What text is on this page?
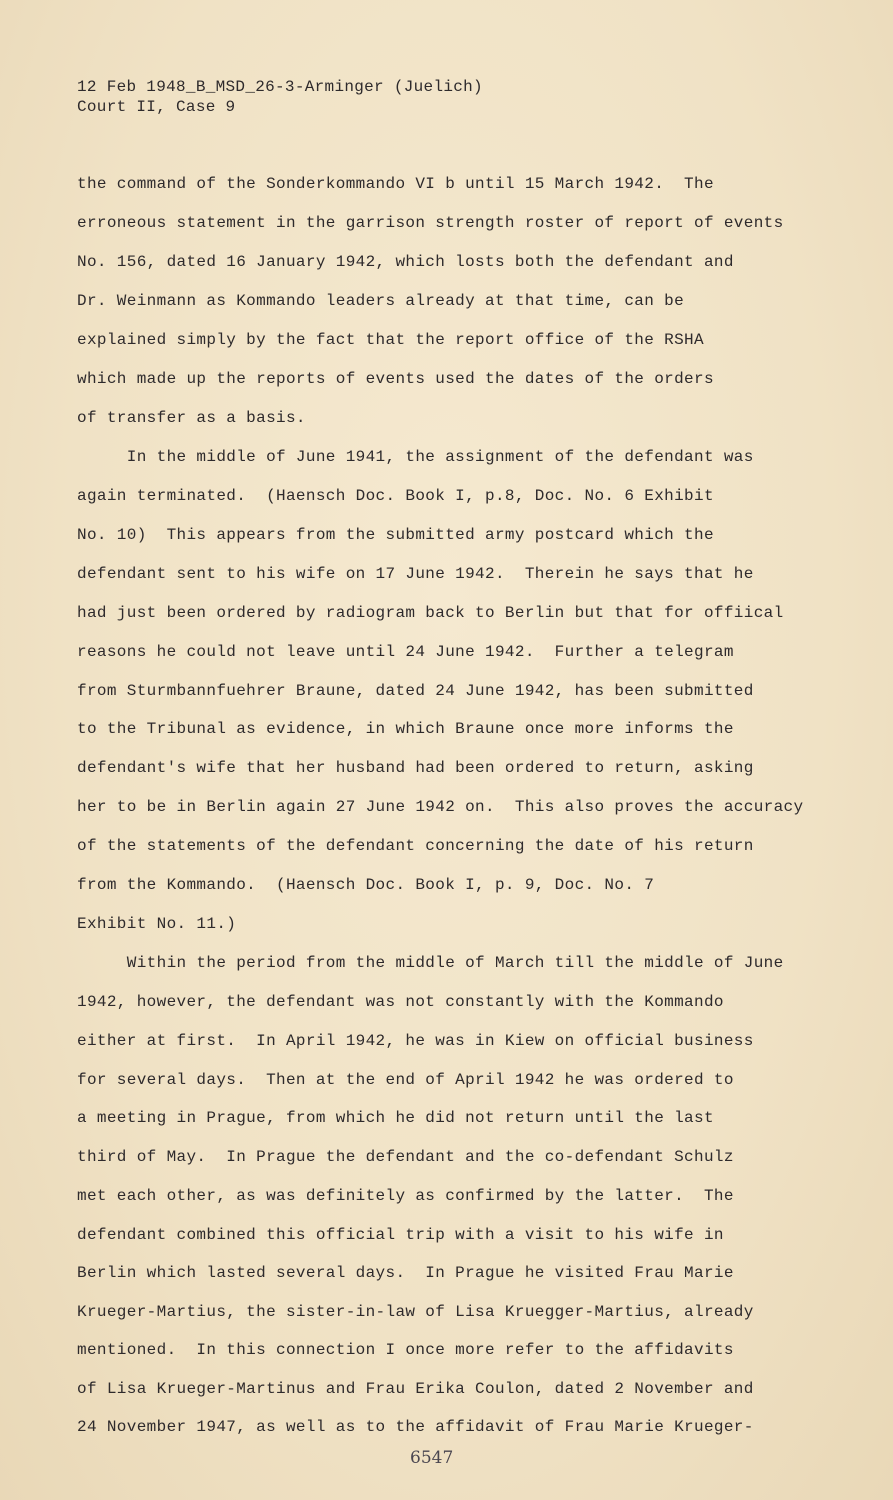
12 Feb 1948_B_MSD_26-3-Arminger (Juelich)
Court II, Case 9
the command of the Sonderkommando VI b until 15 March 1942.  The
erroneous statement in the garrison strength roster of report of events
No. 156, dated 16 January 1942, which losts both the defendant and
Dr. Weinmann as Kommando leaders already at that time, can be
explained simply by the fact that the report office of the RSHA
which made up the reports of events used the dates of the orders
of transfer as a basis.
In the middle of June 1941, the assignment of the defendant was
again terminated.  (Haensch Doc. Book I, p.8, Doc. No. 6 Exhibit
No. 10)  This appears from the submitted army postcard which the
defendant sent to his wife on 17 June 1942.  Therein he says that he
had just been ordered by radiogram back to Berlin but that for offiical
reasons he could not leave until 24 June 1942.  Further a telegram
from Sturmbannfuehrer Braune, dated 24 June 1942, has been submitted
to the Tribunal as evidence, in which Braune once more informs the
defendant's wife that her husband had been ordered to return, asking
her to be in Berlin again 27 June 1942 on.  This also proves the accuracy
of the statements of the defendant concerning the date of his return
from the Kommando.  (Haensch Doc. Book I, p. 9, Doc. No. 7
Exhibit No. 11.)
Within the period from the middle of March till the middle of June
1942, however, the defendant was not constantly with the Kommando
either at first.  In April 1942, he was in Kiew on official business
for several days.  Then at the end of April 1942 he was ordered to
a meeting in Prague, from which he did not return until the last
third of May.  In Prague the defendant and the co-defendant Schulz
met each other, as was definitely as confirmed by the latter.  The
defendant combined this official trip with a visit to his wife in
Berlin which lasted several days.  In Prague he visited Frau Marie
Krueger-Martius, the sister-in-law of Lisa Kruegger-Martius, already
mentioned.  In this connection I once more refer to the affidavits
of Lisa Krueger-Martinus and Frau Erika Coulon, dated 2 November and
24 November 1947, as well as to the affidavit of Frau Marie Krueger-
6547
